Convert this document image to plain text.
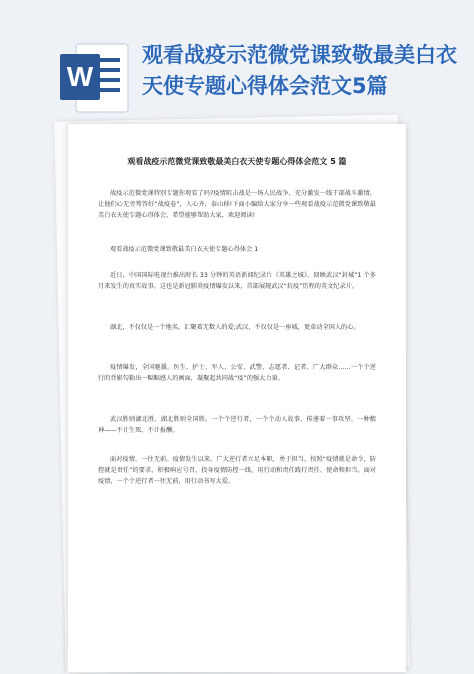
W
观看战疫示范微党课致敬最美白衣天使专题心得体会范文5篇
观看战疫示范微党课致敬最美白衣天使专题心得体会范文 5 篇

战疫示范微党课特别专题你观看了吗?疫情阻击战是一场人民战争，充分激发一线干部战斗激情，让他们心无旁骛答好“战疫卷”，人心齐，泰山移!下面小编给大家分享一些观看战疫示范微党课致敬最美白衣天使专题心得体会，希望能够帮助大家，欢迎阅读!

观看战疫示范微党课致敬最美白衣天使专题心得体会 1

近日，中国国际电视台推出时长 33 分钟的英语新闻纪录片《英雄之城》，回顾武汉“封城”1 个多月来发生的真实故事。这也是新冠肺炎疫情爆发以来，首部展现武汉“抗疫”历程的英文纪录片。

湖北，不仅仅是一个地名，汇聚着无数人的爱;武汉，不仅仅是一座城，更牵动全国人的心。

疫情爆发，全国驰援。医生、护士、军人、公安、武警、志愿者、记者、广大群众……一个个逆行的背影勾勒出一幅幅感人的画面，凝聚起共同战“疫”的强大力量。

武汉胜则湖北胜，湖北胜则全国胜。一个个逆行者，一个个动人故事，传递着一事攻坚、一种精神——不计生死、不计报酬。

面对疫情，一往无前。疫情发生以来，广大逆行者立足本职，勇于担当，按照“疫情就是命令，防控就是责任”的要求，积极响应号召，投身疫情防控一线，用行动和责任践行责任、使命和担当。面对疫情，一个个逆行者一往无前，用行动书写大爱。
